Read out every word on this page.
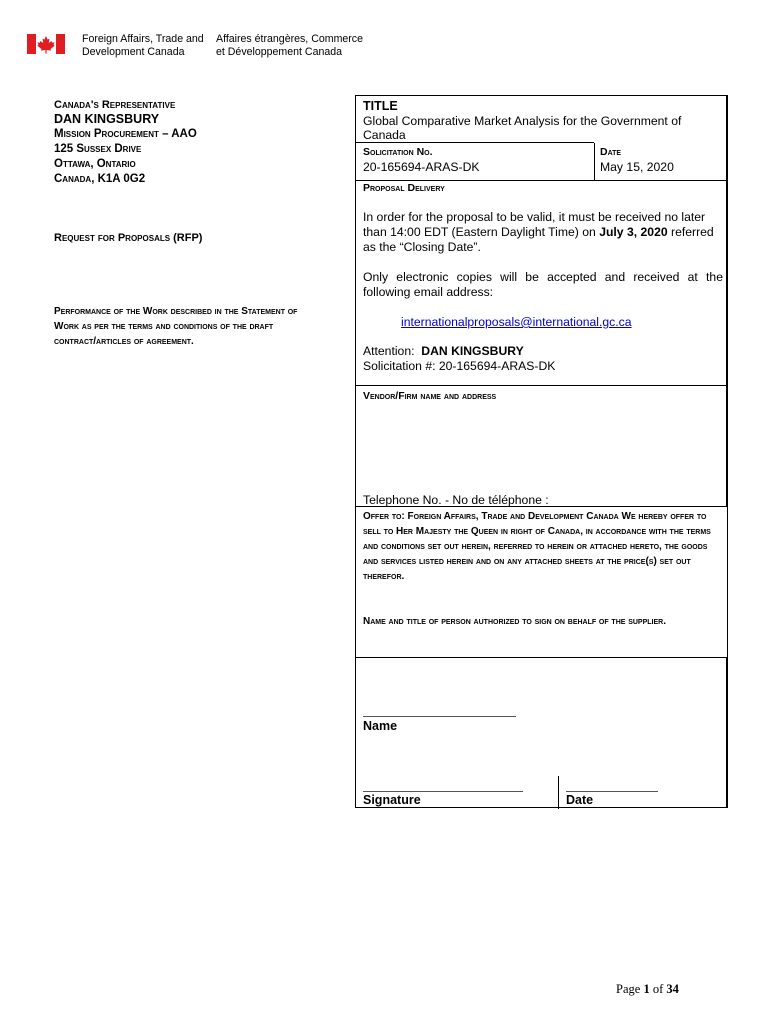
Foreign Affairs, Trade and
Development Canada
Affaires étrangères, Commerce
et Développement Canada
Canada's Representative
DAN KINGSBURY
Mission Procurement – AAO
125 Sussex Drive
Ottawa, Ontario
Canada, K1A 0G2
Request for Proposals (RFP)
Performance of the Work described in the Statement of Work as per the terms and conditions of the draft contract/articles of agreement.
TITLE
Global Comparative Market Analysis for the Government of Canada
Solicitation No.
20-165694-ARAS-DK
Date
May 15, 2020
Proposal Delivery
In order for the proposal to be valid, it must be received no later than 14:00 EDT (Eastern Daylight Time) on July 3, 2020 referred as the “Closing Date”.
Only electronic copies will be accepted and received at the following email address:
internationalproposals@international.gc.ca
Attention: DAN KINGSBURY
Solicitation #: 20-165694-ARAS-DK
Vendor/Firm name and address
Telephone No. - No de téléphone :
Offer to: Foreign Affairs, Trade and Development Canada We hereby offer to sell to Her Majesty the Queen in right of Canada, in accordance with the terms and conditions set out herein, referred to herein or attached hereto, the goods and services listed herein and on any attached sheets at the price(s) set out therefor.
Name and title of person authorized to sign on behalf of the supplier.
Name
Signature	Date
Page 1 of 34
